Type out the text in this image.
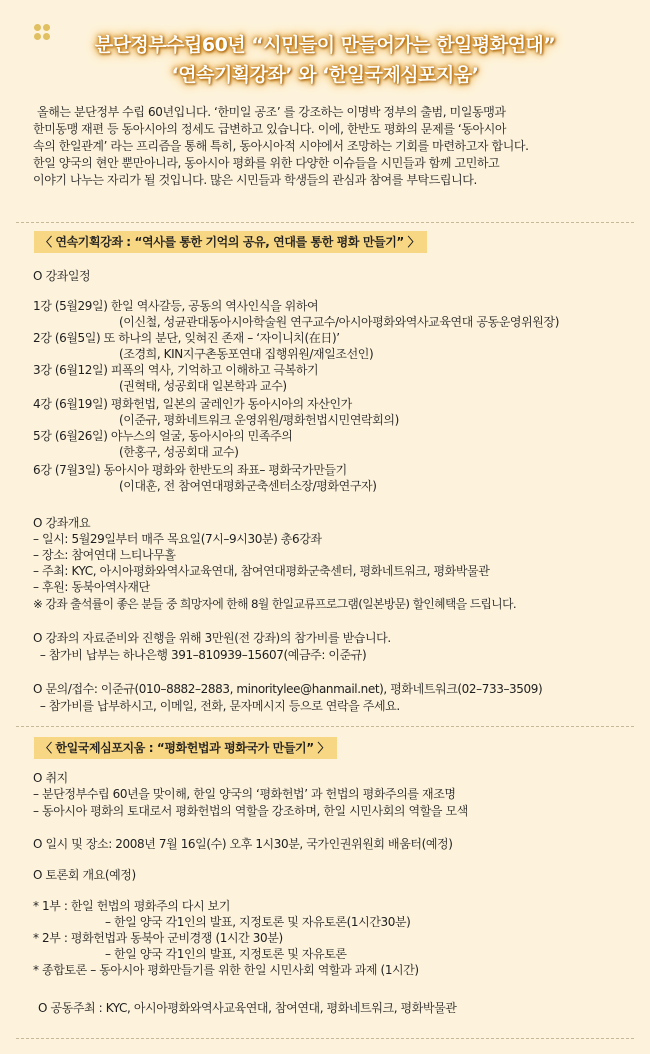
분단정부수립60년 “시민들이 만들어가는 한일평화연대”
‘연속기획강좌’ 와 ‘한일국제심포지움’
올해는 분단정부 수립 60년입니다. ‘한미일 공조’ 를 강조하는 이명박 정부의 출범, 미일동맹과
한미동맹 재편 등 동아시아의 정세도 급변하고 있습니다. 이에, 한반도 평화의 문제를 ‘동아시아
속의 한일관계’ 라는 프리즘을 통해 특히, 동아시아적 시야에서 조망하는 기회를 마련하고자 합니다.
한일 양국의 현안 뿐만아니라, 동아시아 평화를 위한 다양한 이슈들을 시민들과 함께 고민하고
이야기 나누는 자리가 될 것입니다. 많은 시민들과 학생들의 관심과 참여를 부탁드립니다.
〈 연속기획강좌 : “역사를 통한 기억의 공유, 연대를 통한 평화 만들기” 〉
O 강좌일정
1강 (5월29일) 한일 역사갈등, 공동의 역사인식을 위하여
(이신철, 성균관대동아시아학술원 연구교수/아시아평화와역사교육연대 공동운영위원장)
2강 (6월5일) 또 하나의 분단, 잊혀진 존재 – ‘자이니치(在日)’
(조경희, KIN지구촌동포연대 집행위원/재일조선인)
3강 (6월12일) 피폭의 역사, 기억하고 이해하고 극복하기
(권혁태, 성공회대 일본학과 교수)
4강 (6월19일) 평화헌법, 일본의 굴레인가 동아시아의 자산인가
(이준규, 평화네트워크 운영위원/평화헌법시민연락회의)
5강 (6월26일) 야누스의 얼굴, 동아시아의 민족주의
(한홍구, 성공회대 교수)
6강 (7월3일) 동아시아 평화와 한반도의 좌표– 평화국가만들기
(이대훈, 전 참여연대평화군축센터소장/평화연구자)
O 강좌개요
– 일시: 5월29일부터 매주 목요일(7시–9시30분) 총6강좌
– 장소: 참여연대 느티나무홀
– 주최: KYC, 아시아평화와역사교육연대, 참여연대평화군축센터, 평화네트워크, 평화박물관
– 후원: 동북아역사재단
※ 강좌 출석률이 좋은 분들 중 희망자에 한해 8월 한일교류프로그램(일본방문) 할인혜택을 드립니다.
O 강좌의 자료준비와 진행을 위해 3만원(전 강좌)의 참가비를 받습니다.
– 참가비 납부는 하나은행 391–810939–15607(예금주: 이준규)
O 문의/접수: 이준규(010–8882–2883, minoritylee@hanmail.net), 평화네트워크(02–733–3509)
– 참가비를 납부하시고, 이메일, 전화, 문자메시지 등으로 연락을 주세요.
〈 한일국제심포지움 : “평화헌법과 평화국가 만들기” 〉
O 취지
– 분단정부수립 60년을 맞이해, 한일 양국의 ‘평화헌법’ 과 헌법의 평화주의를 재조명
– 동아시아 평화의 토대로서 평화헌법의 역할을 강조하며, 한일 시민사회의 역할을 모색
O 일시 및 장소: 2008년 7월 16일(수) 오후 1시30분, 국가인권위원회 배움터(예정)
O 토론회 개요(예정)
* 1부 : 한일 헌법의 평화주의 다시 보기
– 한일 양국 각1인의 발표, 지정토론 및 자유토론(1시간30분)
* 2부 : 평화헌법과 동북아 군비경쟁 (1시간 30분)
– 한일 양국 각1인의 발표, 지정토론 및 자유토론
* 종합토론 – 동아시아 평화만들기를 위한 한일 시민사회 역할과 과제 (1시간)
O 공동주최 : KYC, 아시아평화와역사교육연대, 참여연대, 평화네트워크, 평화박물관
